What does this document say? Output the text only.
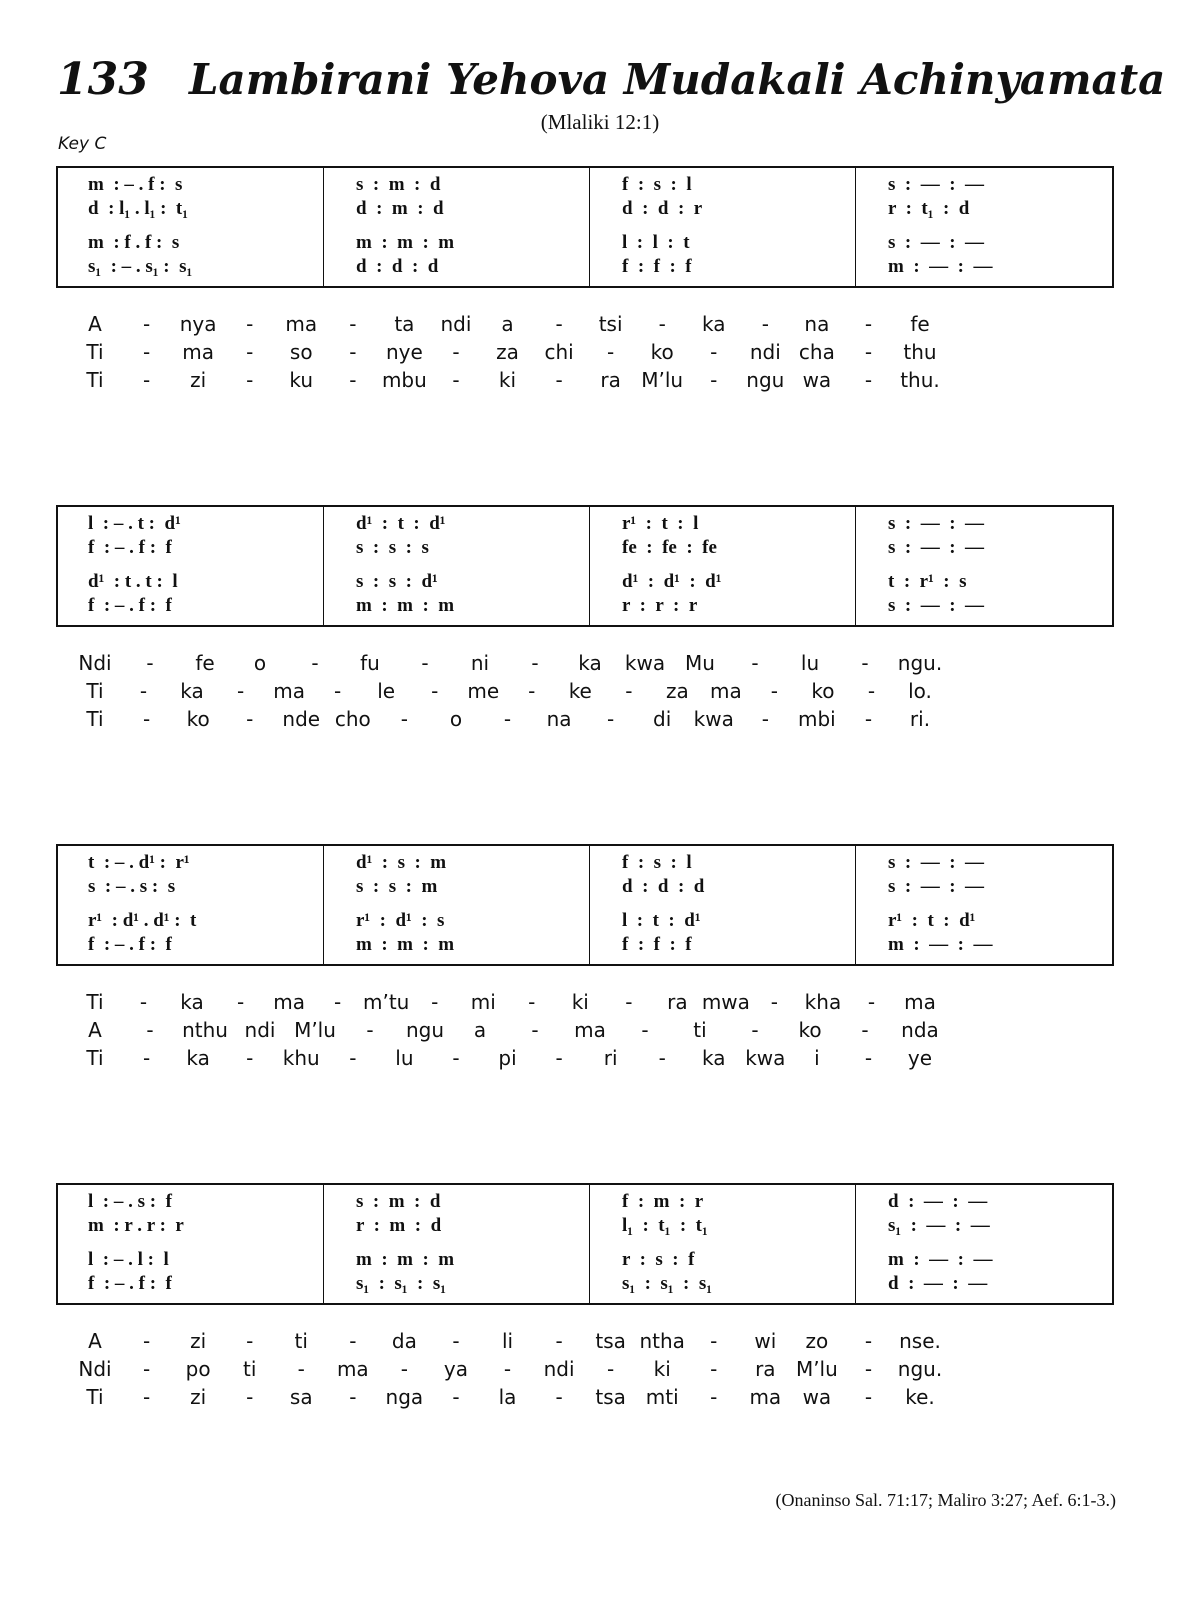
133 Lambirani Yehova Mudakali Achinyamata
(Mlaliki 12:1)
Key C
m  : – . f :  s
d  : l₁ . l₁ :  t₁
m  : f . f :  s
s₁  : – . s₁ :  s₁
s  :  m  :  d
d  :  m  :  d
m  :  m  :  m
d  :  d  :  d
f  :  s  :  l
d  :  d  :  r
l  :  l  :  t
f  :  f  :  f
s  :  —  :  —
r  :  t₁  :  d
s  :  —  :  —
m  :  —  :  —
A - nya - ma - ta ndi a - tsi - ka - na - fe
Ti - ma - so - nye - za chi - ko - ndi cha - thu
Ti - zi - ku - mbu - ki - ra M’lu - ngu wa - thu.
l  : – . t :  d¹
f  : – . f :  f
d¹  : t . t :  l
f  : – . f :  f
d¹  :  t  :  d¹
s  :  s  :  s
s  :  s  :  d¹
m  :  m  :  m
r¹  :  t  :  l
fe  :  fe  :  fe
d¹  :  d¹  :  d¹
r  :  r  :  r
s  :  —  :  —
s  :  —  :  —
t  :  r¹  :  s
s  :  —  :  —
Ndi - fe o - fu - ni - ka kwa Mu - lu - ngu.
Ti - ka - ma - le - me - ke - za ma - ko - lo.
Ti - ko - nde cho - o - na - di kwa - mbi - ri.
t  : – . d¹ :  r¹
s  : – . s :  s
r¹  : d¹ . d¹ :  t
f  : – . f :  f
d¹  :  s  :  m
s  :  s  :  m
r¹  :  d¹  :  s
m  :  m  :  m
f  :  s  :  l
d  :  d  :  d
l  :  t  :  d¹
f  :  f  :  f
s  :  —  :  —
s  :  —  :  —
r¹  :  t  :  d¹
m  :  —  :  —
Ti - ka - ma - m’tu - mi - ki - ra mwa - kha - ma
A - nthu ndi M’lu - ngu a - ma - ti - ko - nda
Ti - ka - khu - lu - pi - ri - ka kwa i - ye
l  : – . s :  f
m  : r . r :  r
l  : – . l :  l
f  : – . f :  f
s  :  m  :  d
r  :  m  :  d
m  :  m  :  m
s₁  :  s₁  :  s₁
f  :  m  :  r
l₁  :  t₁  :  t₁
r  :  s  :  f
s₁  :  s₁  :  s₁
d  :  —  :  —
s₁  :  —  :  —
m  :  —  :  —
d  :  —  :  —
A - zi - ti - da - li - tsa ntha - wi zo - nse.
Ndi - po ti - ma - ya - ndi - ki - ra M’lu - ngu.
Ti - zi - sa - nga - la - tsa mti - ma wa - ke.
(Onaninso Sal. 71:17; Maliro 3:27; Aef. 6:1-3.)
